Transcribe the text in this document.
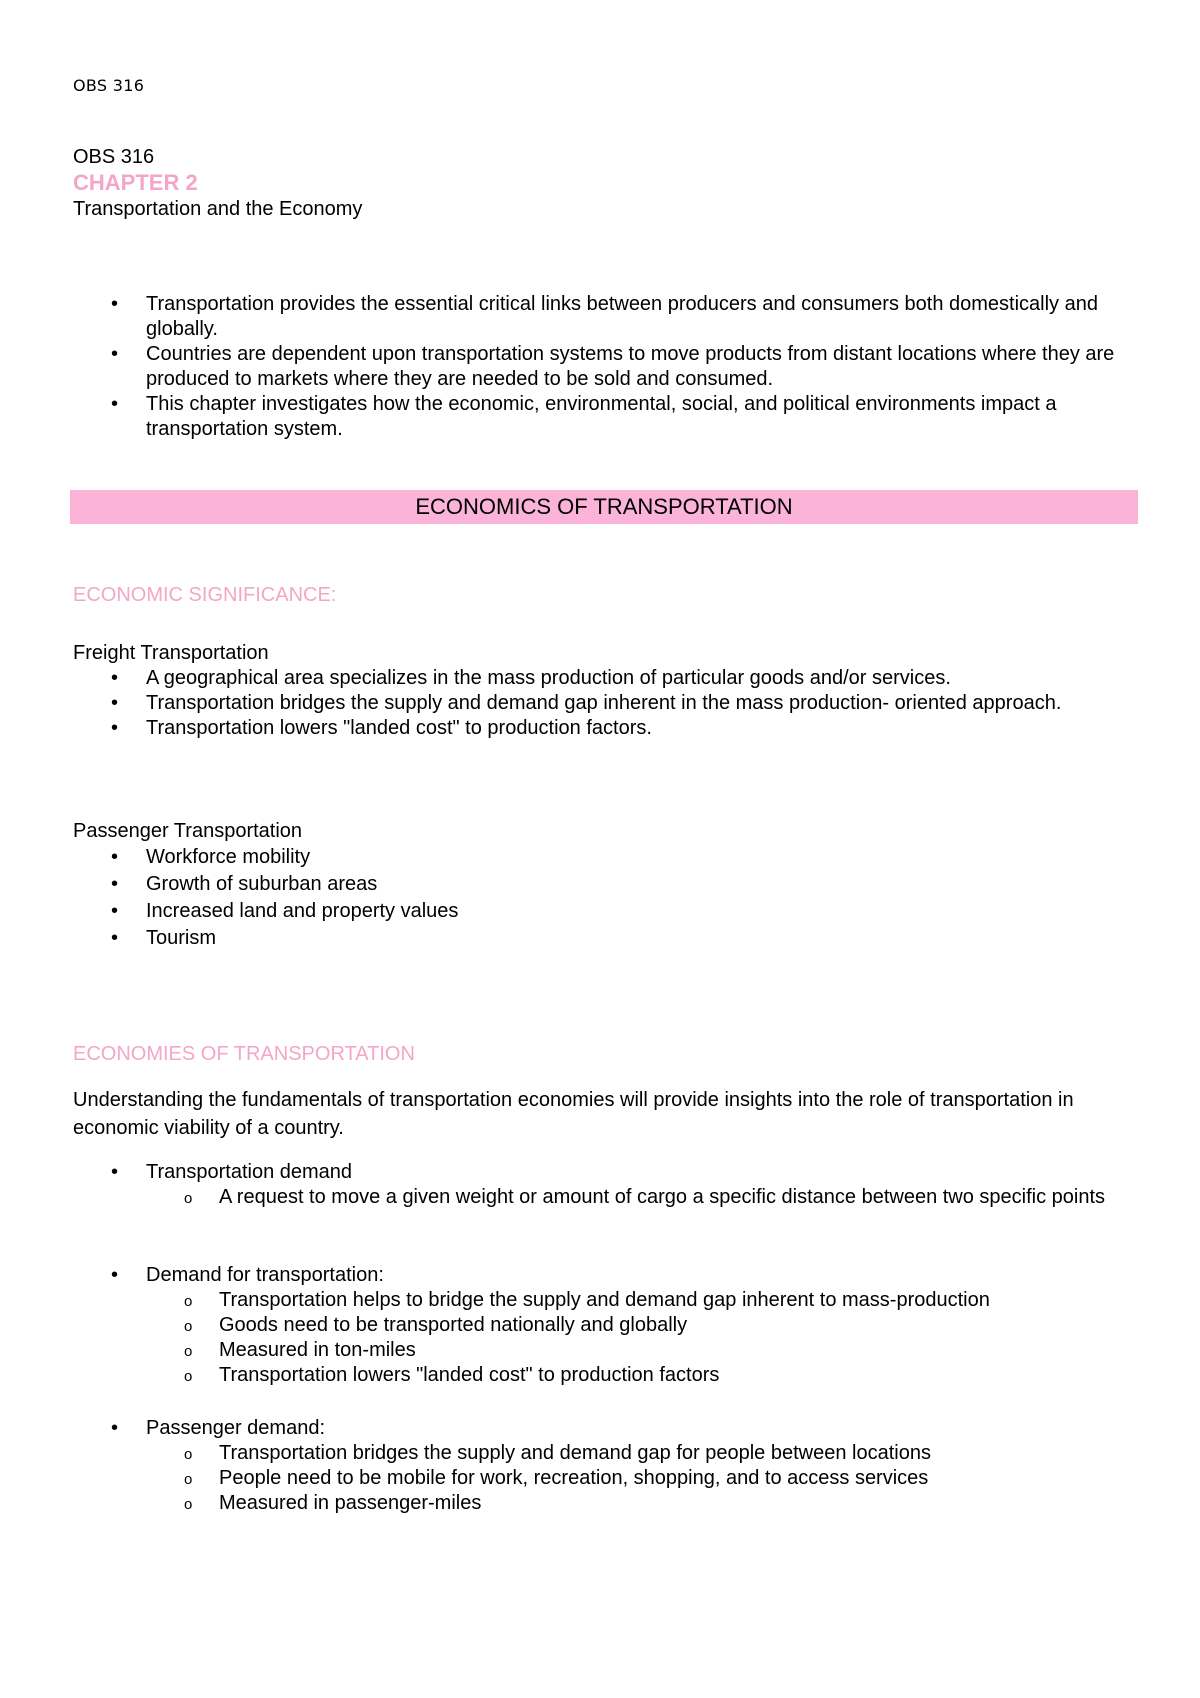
OBS 316

OBS 316

CHAPTER 2

Transportation and the Economy

• Transportation provides the essential critical links between producers and consumers both domestically and globally.
• Countries are dependent upon transportation systems to move products from distant locations where they are produced to markets where they are needed to be sold and consumed.
• This chapter investigates how the economic, environmental, social, and political environments impact a transportation system.
ECONOMICS OF TRANSPORTATION

ECONOMIC SIGNIFICANCE:

Freight Transportation

• A geographical area specializes in the mass production of particular goods and/or services.
• Transportation bridges the supply and demand gap inherent in the mass production- oriented approach.
• Transportation lowers "landed cost" to production factors.

Passenger Transportation

• Workforce mobility
• Growth of suburban areas
• Increased land and property values
• Tourism

ECONOMIES OF TRANSPORTATION

Understanding the fundamentals of transportation economies will provide insights into the role of transportation in economic viability of a country.
• Transportation demand
o A request to move a given weight or amount of cargo a specific distance between two specific points
• Demand for transportation:
o Transportation helps to bridge the supply and demand gap inherent to mass-production
o Goods need to be transported nationally and globally
o Measured in ton-miles
o Transportation lowers "landed cost" to production factors
• Passenger demand:
o Transportation bridges the supply and demand gap for people between locations
o People need to be mobile for work, recreation, shopping, and to access services
o Measured in passenger-miles
